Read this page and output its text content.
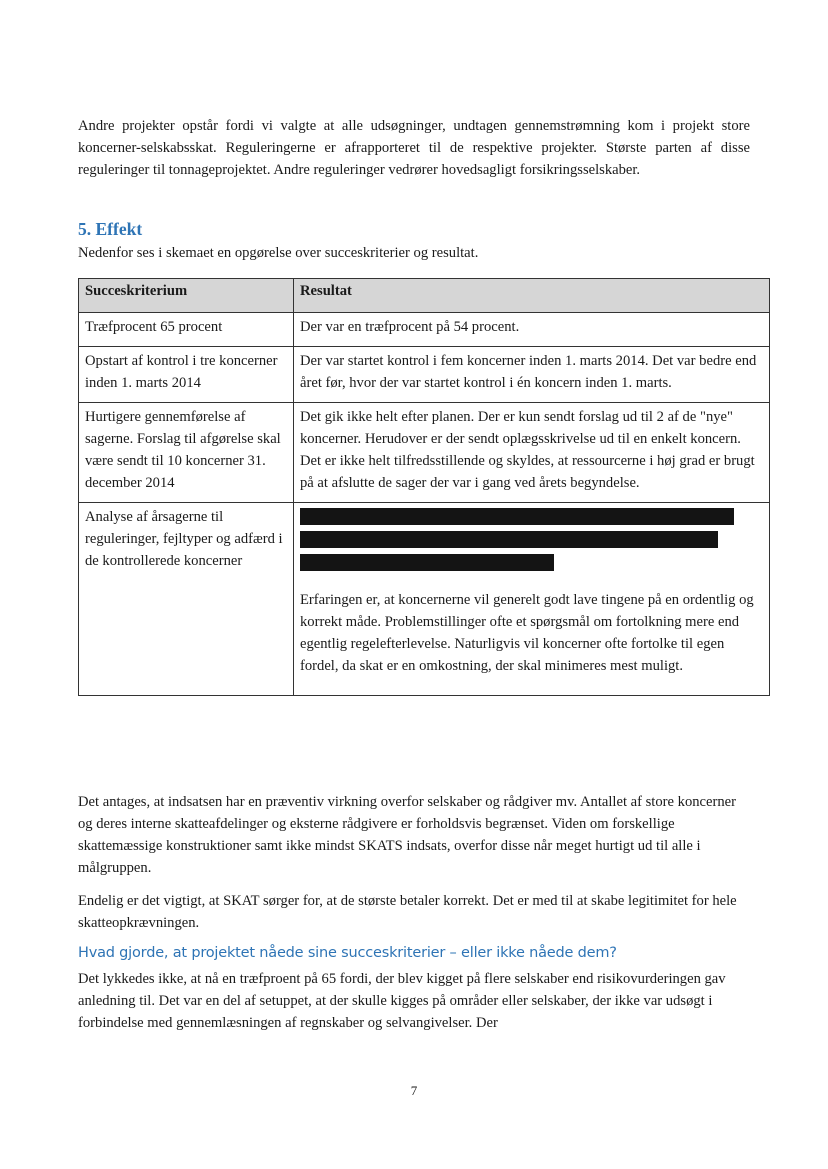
Andre projekter opstår fordi vi valgte at alle udsøgninger, undtagen gennemstrømning kom i projekt store koncerner-selskabsskat. Reguleringerne er afrapporteret til de respektive projekter. Største parten af disse reguleringer til tonnageprojektet. Andre reguleringer vedrører hovedsagligt forsikringsselskaber.

5. Effekt

Nedenfor ses i skemaet en opgørelse over succeskriterier og resultat.

Succeskriterium	Resultat
Træfprocent 65 procent	Der var en træfprocent på 54 procent.
Opstart af kontrol i tre koncerner inden 1. marts 2014	Der var startet kontrol i fem koncerner inden 1. marts 2014. Det var bedre end året før, hvor der var startet kontrol i én koncern inden 1. marts.
Hurtigere gennemførelse af sagerne. Forslag til afgørelse skal være sendt til 10 koncerner 31. december 2014	Det gik ikke helt efter planen. Der er kun sendt forslag ud til 2 af de "nye" koncerner. Herudover er der sendt oplægsskrivelse ud til en enkelt koncern. Det er ikke helt tilfredsstillende og skyldes, at ressourcerne i høj grad er brugt på at afslutte de sager der var i gang ved årets begyndelse.
Analyse af årsagerne til reguleringer, fejltyper og adfærd i de kontrollerede koncerner	Erfaringen er, at koncernerne vil generelt godt lave tingene på en ordentlig og korrekt måde. Problemstillinger ofte et spørgsmål om fortolkning mere end egentlig regelefterlevelse. Naturligvis vil koncerner ofte fortolke til egen fordel, da skat er en omkostning, der skal minimeres mest muligt.

Det antages, at indsatsen har en præventiv virkning overfor selskaber og rådgiver mv. Antallet af store koncerner og deres interne skatteafdelinger og eksterne rådgivere er forholdsvis begrænset. Viden om forskellige skattemæssige konstruktioner samt ikke mindst SKATS indsats, overfor disse når meget hurtigt ud til alle i målgruppen.

Endelig er det vigtigt, at SKAT sørger for, at de største betaler korrekt. Det er med til at skabe legitimitet for hele skatteopkrævningen.

Hvad gjorde, at projektet nåede sine succeskriterier – eller ikke nåede dem?

Det lykkedes ikke, at nå en træfproent på 65 fordi, der blev kigget på flere selskaber end risikovurderingen gav anledning til. Det var en del af setuppet, at der skulle kigges på områder eller selskaber, der ikke var udsøgt i forbindelse med gennemlæsningen af regnskaber og selvangivelser. Der

7
